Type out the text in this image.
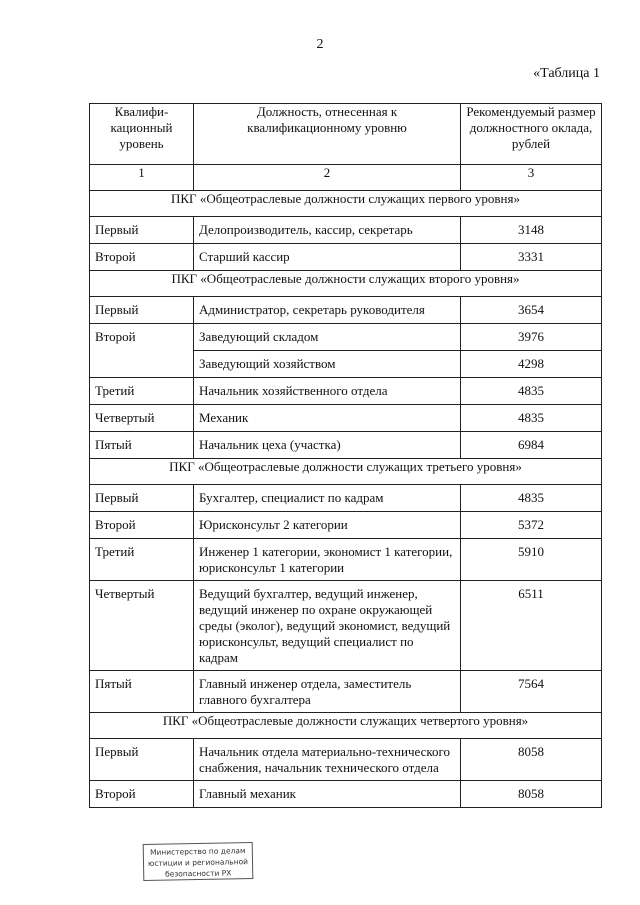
2
«Таблица 1
Квалифи-кационный уровень	Должность, отнесенная к квалификационному уровню	Рекомендуемый размер должностного оклада, рублей
1	2	3
ПКГ «Общеотраслевые должности служащих первого уровня»		
Первый	Делопроизводитель, кассир, секретарь	3148
Второй	Старший кассир	3331
ПКГ «Общеотраслевые должности служащих второго уровня»		
Первый	Администратор, секретарь руководителя	3654
Второй	Заведующий складом	3976
	Заведующий хозяйством	4298
Третий	Начальник хозяйственного отдела	4835
Четвертый	Механик	4835
Пятый	Начальник цеха (участка)	6984
ПКГ «Общеотраслевые должности служащих третьего уровня»		
Первый	Бухгалтер, специалист по кадрам	4835
Второй	Юрисконсульт 2 категории	5372
Третий	Инженер 1 категории, экономист 1 категории, юрисконсульт 1 категории	5910
Четвертый	Ведущий бухгалтер, ведущий инженер, ведущий инженер по охране окружающей среды (эколог), ведущий экономист, ведущий юрисконсульт, ведущий специалист по кадрам	6511
Пятый	Главный инженер отдела, заместитель главного бухгалтера	7564
ПКГ «Общеотраслевые должности служащих четвертого уровня»		
Первый	Начальник отдела материально-технического снабжения, начальник технического отдела	8058
Второй	Главный механик	8058
Министерство по делам
юстиции и региональной
безопасности РХ
